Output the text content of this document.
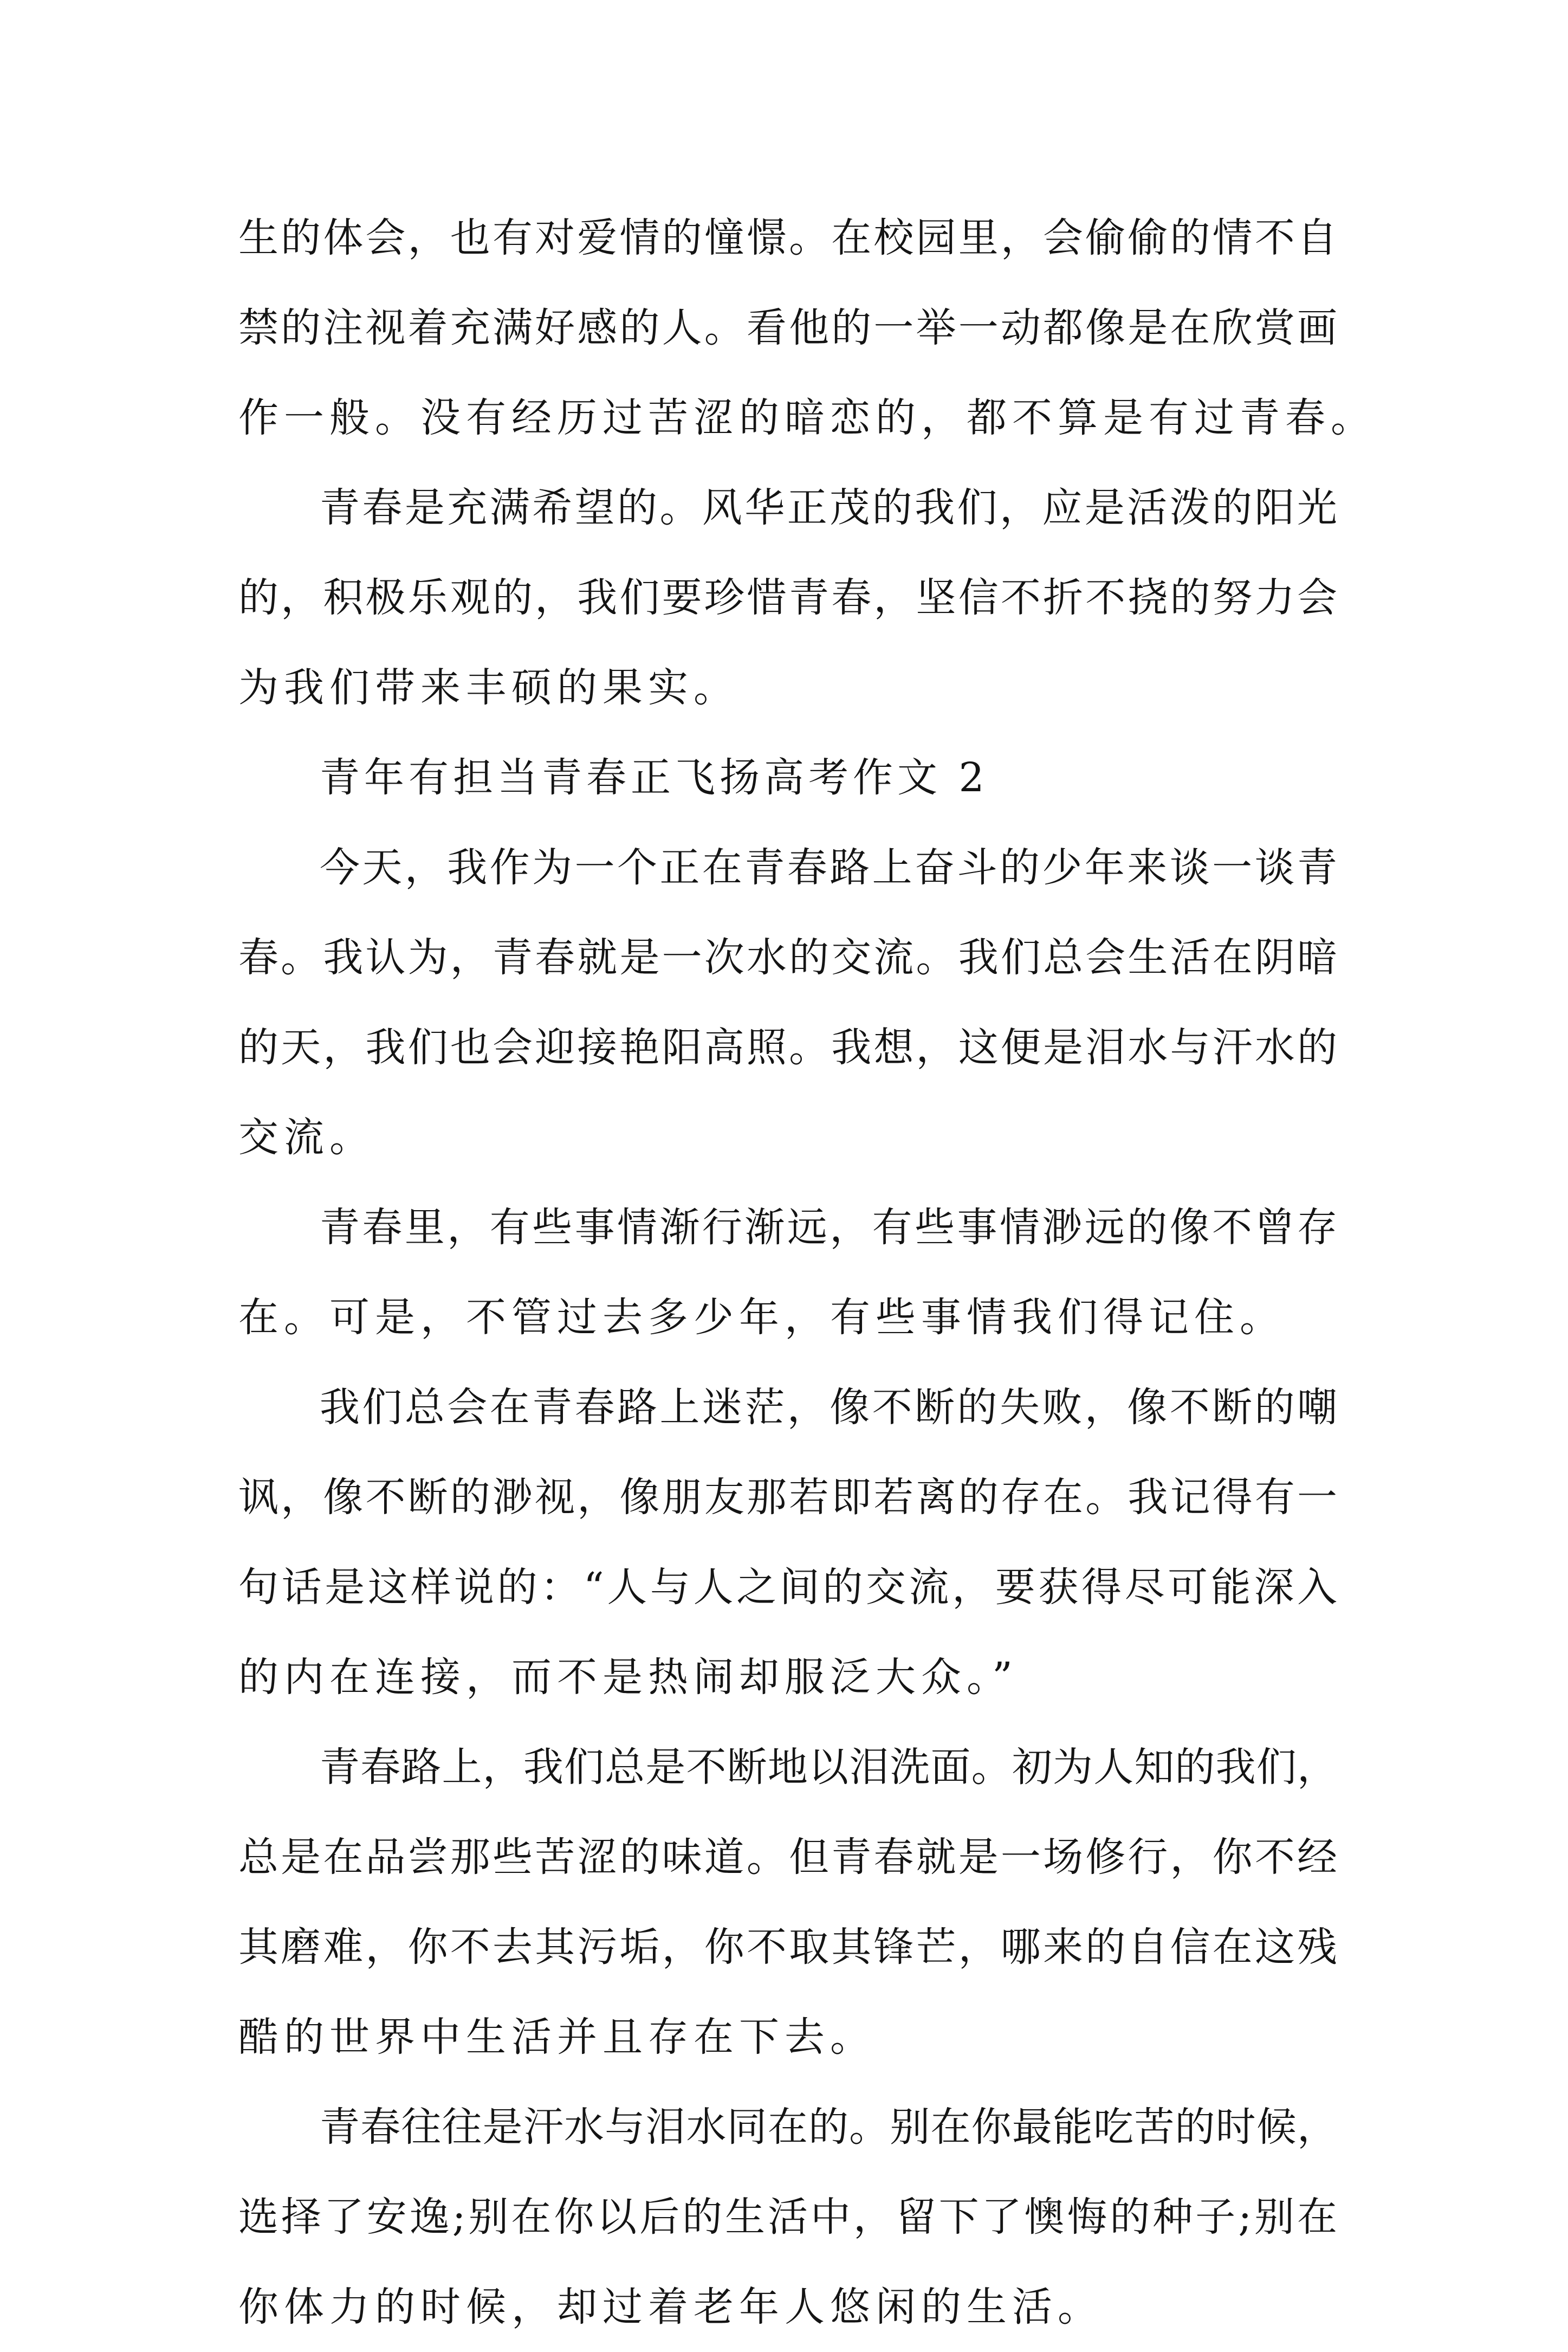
生的体会，也有对爱情的憧憬。在校园里，会偷偷的情不自
禁的注视着充满好感的人。看他的一举一动都像是在欣赏画
作一般。没有经历过苦涩的暗恋的，都不算是有过青春。
青春是充满希望的。风华正茂的我们，应是活泼的阳光
的，积极乐观的，我们要珍惜青春，坚信不折不挠的努力会
为我们带来丰硕的果实。
青年有担当青春正飞扬高考作文 2
今天，我作为一个正在青春路上奋斗的少年来谈一谈青
春。我认为，青春就是一次水的交流。我们总会生活在阴暗
的天，我们也会迎接艳阳高照。我想，这便是泪水与汗水的
交流。
青春里，有些事情渐行渐远，有些事情渺远的像不曾存
在。可是，不管过去多少年，有些事情我们得记住。
我们总会在青春路上迷茫，像不断的失败，像不断的嘲
讽，像不断的渺视，像朋友那若即若离的存在。我记得有一
句话是这样说的：“人与人之间的交流，要获得尽可能深入
的内在连接，而不是热闹却服泛大众。”
青春路上，我们总是不断地以泪洗面。初为人知的我们，
总是在品尝那些苦涩的味道。但青春就是一场修行，你不经
其磨难，你不去其污垢，你不取其锋芒，哪来的自信在这残
酷的世界中生活并且存在下去。
青春往往是汗水与泪水同在的。别在你最能吃苦的时候，
选择了安逸;别在你以后的生活中，留下了懊悔的种子;别在
你体力的时候，却过着老年人悠闲的生活。
